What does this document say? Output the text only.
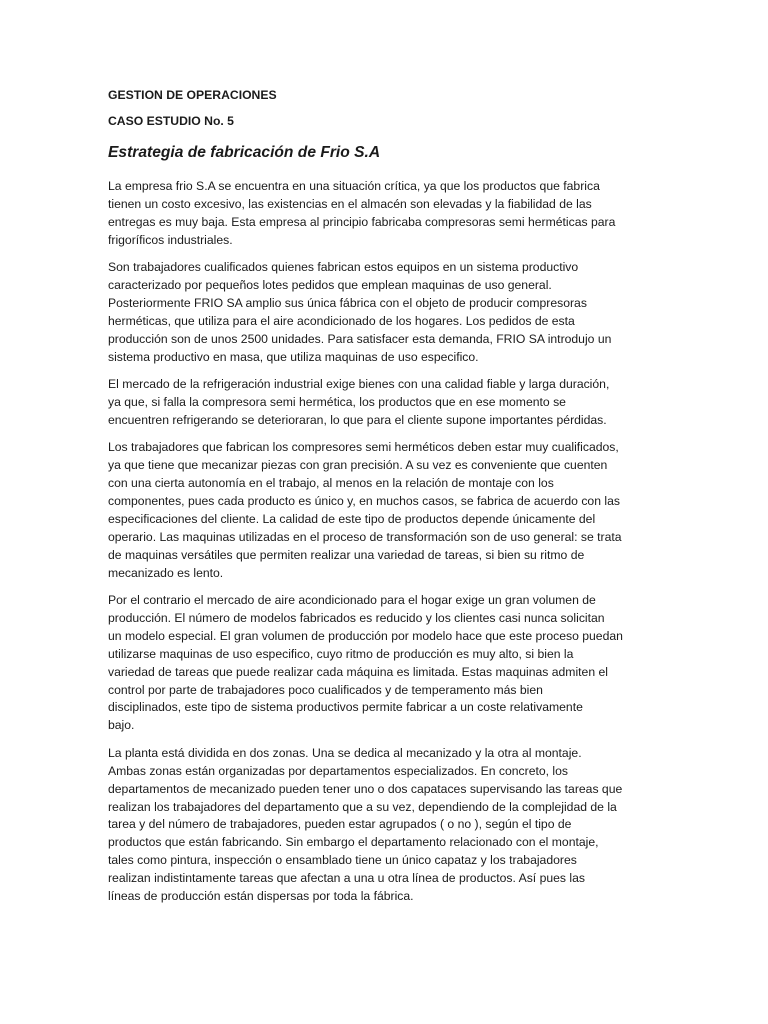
GESTION DE OPERACIONES

CASO ESTUDIO No. 5

Estrategia de fabricación de Frio S.A

La empresa frio S.A se encuentra en una situación crítica, ya que los productos que fabrica
tienen un costo excesivo, las existencias en el almacén son elevadas y la fiabilidad de las
entregas es muy baja. Esta empresa al principio fabricaba compresoras semi herméticas para
frigoríficos industriales.

Son trabajadores cualificados quienes fabrican estos equipos en un sistema productivo
caracterizado por pequeños lotes pedidos que emplean maquinas de uso general.
Posteriormente FRIO SA amplio sus única fábrica con el objeto de producir compresoras
herméticas, que utiliza para el aire acondicionado de los hogares. Los pedidos de esta
producción son de unos 2500 unidades. Para satisfacer esta demanda, FRIO SA introdujo un
sistema productivo en masa, que utiliza maquinas de uso especifico.

El mercado de la refrigeración industrial exige bienes con una calidad fiable y larga duración,
ya que, si falla la compresora semi hermética, los productos que en ese momento se
encuentren refrigerando se deterioraran, lo que para el cliente supone importantes pérdidas.

Los trabajadores que fabrican los compresores semi herméticos deben estar muy cualificados,
ya que tiene que mecanizar piezas con gran precisión. A su vez es conveniente que cuenten
con una cierta autonomía en el trabajo, al menos en la relación de montaje con los
componentes, pues cada producto es único y, en muchos casos, se fabrica de acuerdo con las
especificaciones del cliente. La calidad de este tipo de productos depende únicamente del
operario. Las maquinas utilizadas en el proceso de transformación son de uso general: se trata
de maquinas versátiles que permiten realizar una variedad de tareas, si bien su ritmo de
mecanizado es lento.

Por el contrario el mercado de aire acondicionado para el hogar exige un gran volumen de
producción. El número de modelos fabricados es reducido y los clientes casi nunca solicitan
un modelo especial. El gran volumen de producción por modelo hace que este proceso puedan
utilizarse maquinas de uso especifico, cuyo ritmo de producción es muy alto, si bien la
variedad de tareas que puede realizar cada máquina es limitada. Estas maquinas admiten el
control por parte de trabajadores poco cualificados y de temperamento más bien
disciplinados, este tipo de sistema productivos permite fabricar a un coste relativamente
bajo.

La planta está dividida en dos zonas. Una se dedica al mecanizado y la otra al montaje.
Ambas zonas están organizadas por departamentos especializados. En concreto, los
departamentos de mecanizado pueden tener uno o dos capataces supervisando las tareas que
realizan los trabajadores del departamento que a su vez, dependiendo de la complejidad de la
tarea y del número de trabajadores, pueden estar agrupados ( o no ), según el tipo de
productos que están fabricando. Sin embargo el departamento relacionado con el montaje,
tales como pintura, inspección o ensamblado tiene un único capataz y los trabajadores
realizan indistintamente tareas que afectan a una u otra línea de productos. Así pues las
líneas de producción están dispersas por toda la fábrica.
